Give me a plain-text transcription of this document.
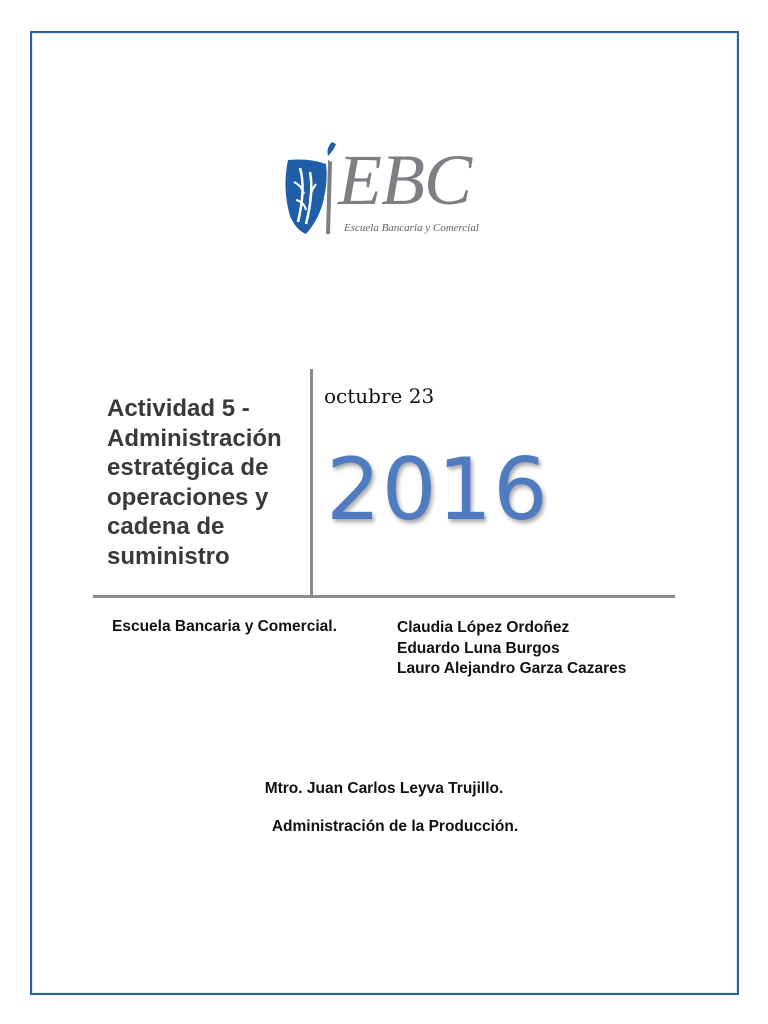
EBC
Escuela Bancaria y Comercial
Actividad 5 -
Administración
estratégica de
operaciones y
cadena de
suministro
octubre 23
2016
Escuela Bancaria y Comercial.	Claudia López Ordoñez
Eduardo Luna Burgos
Lauro Alejandro Garza Cazares
Mtro. Juan Carlos Leyva Trujillo.
Administración de la Producción.
